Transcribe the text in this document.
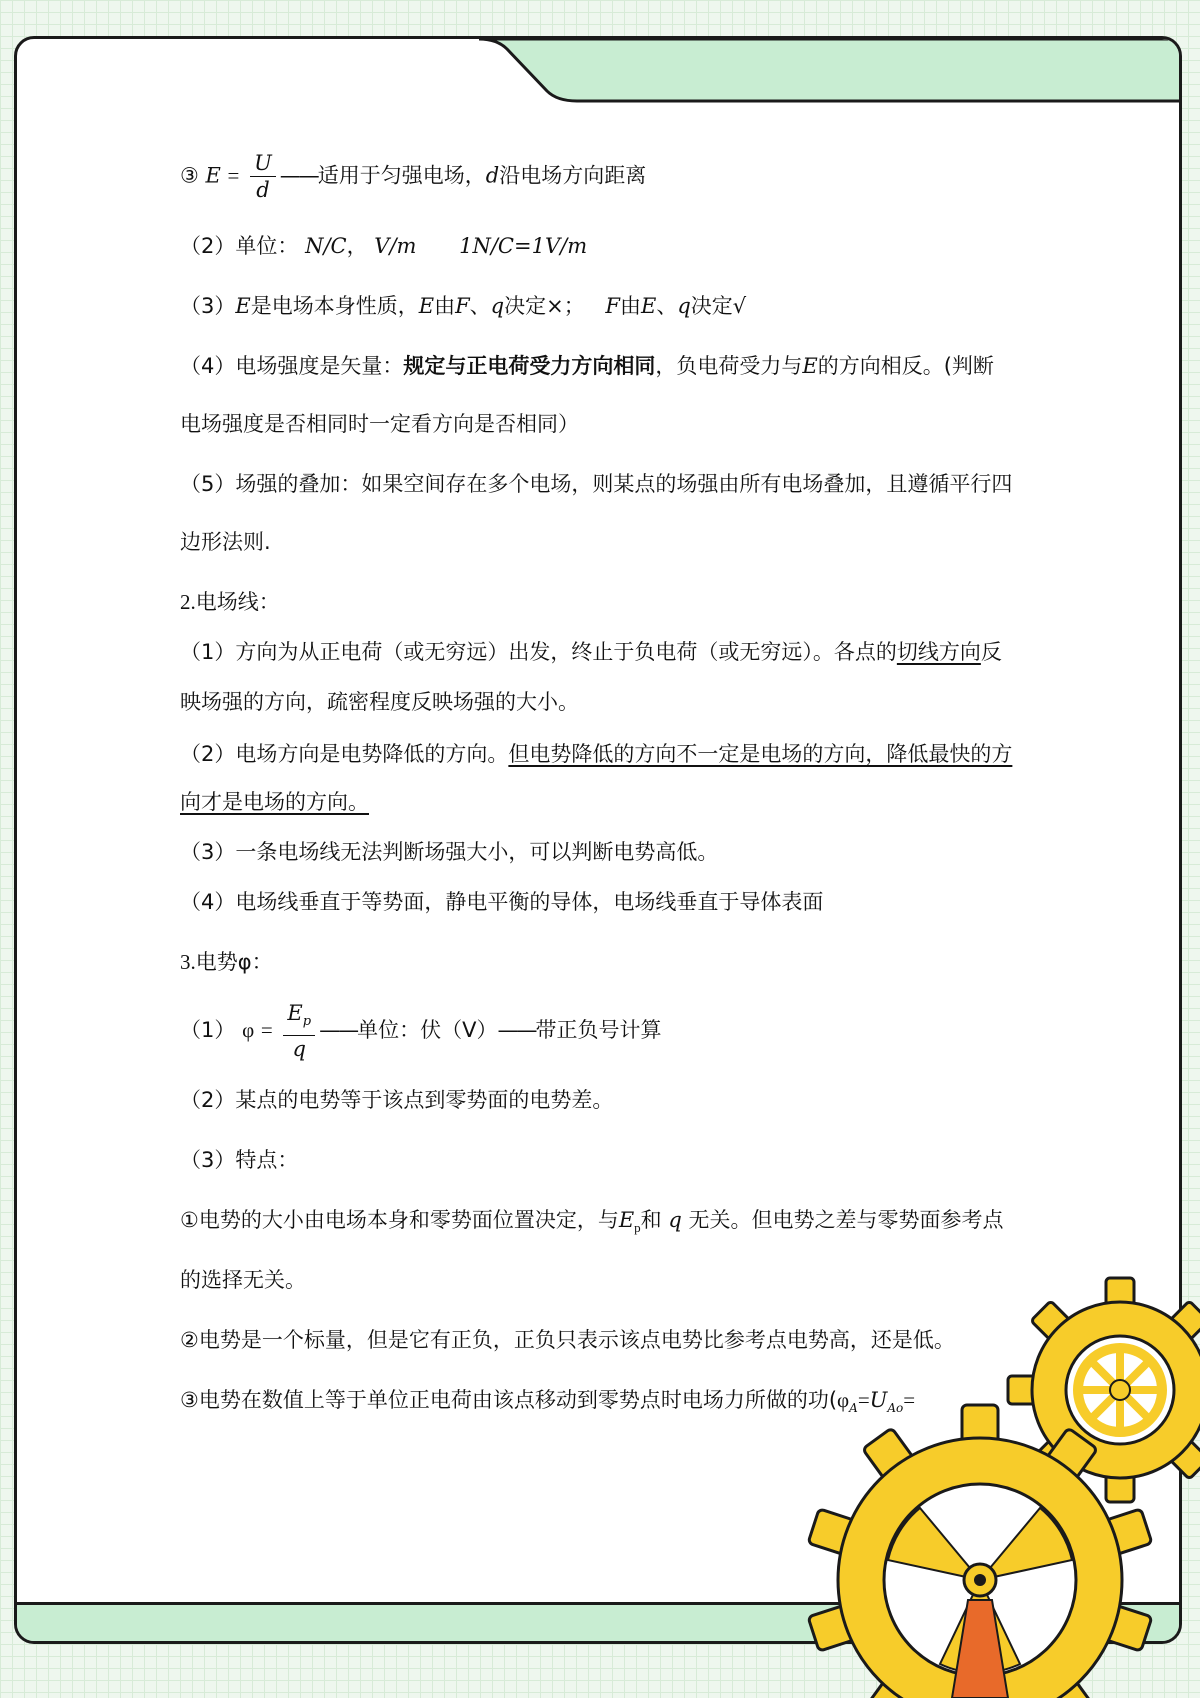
③ $E = \frac{U}{d}$ ——适用于匀强电场，d沿电场方向距离
（2）单位： N/C， V/m 1N/C=1V/m
（3）E是电场本身性质，E由F、q决定×； F由E、q决定√
（4）电场强度是矢量：规定与正电荷受力方向相同，负电荷受力与E的方向相反。(判断
电场强度是否相同时一定看方向是否相同）
（5）场强的叠加：如果空间存在多个电场，则某点的场强由所有电场叠加，且遵循平行四
边形法则.
2.电场线：
（1）方向为从正电荷（或无穷远）出发，终止于负电荷（或无穷远）。各点的切线方向反
映场强的方向，疏密程度反映场强的大小。
（2）电场方向是电势降低的方向。但电势降低的方向不一定是电场的方向，降低最快的方
向才是电场的方向。
（3）一条电场线无法判断场强大小，可以判断电势高低。
（4）电场线垂直于等势面，静电平衡的导体，电场线垂直于导体表面
3.电势φ：
（1） $\varphi = \frac{E_p}{q}$ ——单位：伏（V）——带正负号计算
（2）某点的电势等于该点到零势面的电势差。
（3）特点：
①电势的大小由电场本身和零势面位置决定，与$E_p$和 q 无关。但电势之差与零势面参考点
的选择无关。
②电势是一个标量，但是它有正负，正负只表示该点电势比参考点电势高，还是低。
③电势在数值上等于单位正电荷由该点移动到零势点时电场力所做的功($\varphi_A=U_{Ao}=$
